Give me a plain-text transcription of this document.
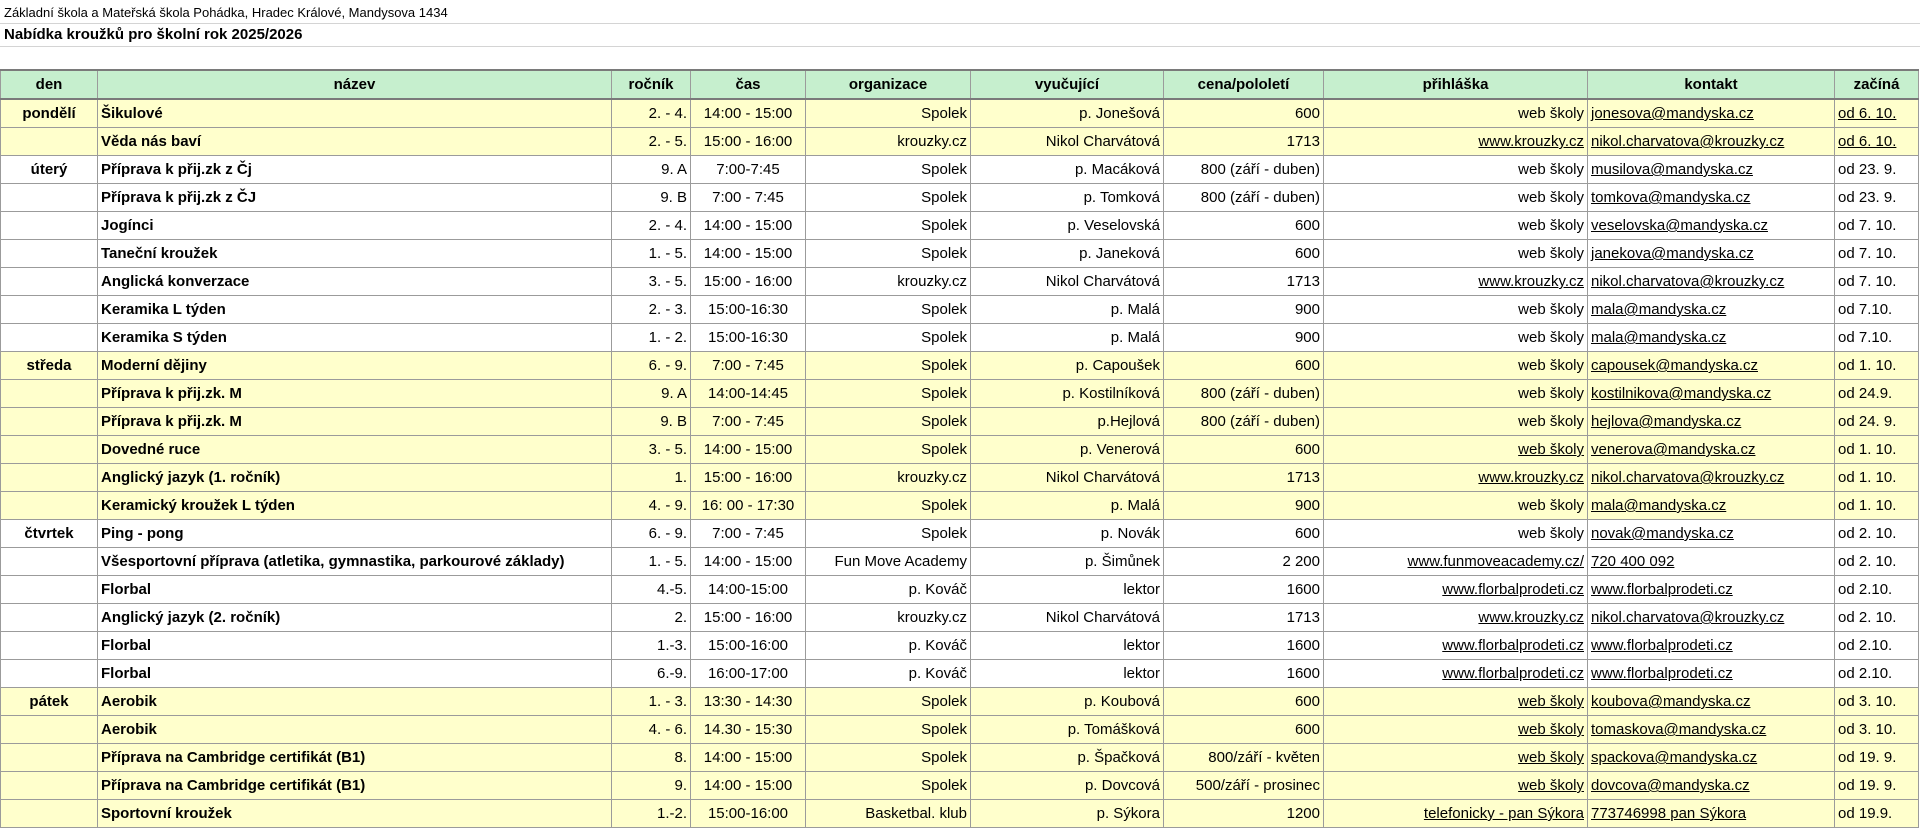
Základní škola a Mateřská škola Pohádka, Hradec Králové, Mandysova 1434
Nabídka kroužků pro školní rok 2025/2026
den	název	ročník	čas	organizace	vyučující	cena/pololetí	přihláška	kontakt	začíná
pondělí	Šikulové	2. - 4.	14:00 - 15:00	Spolek	p. Jonešová	600	web školy	jonesova@mandyska.cz	od 6. 10.
	Věda nás baví	2. - 5.	15:00 - 16:00	krouzky.cz	Nikol Charvátová	1713	www.krouzky.cz	nikol.charvatova@krouzky.cz	od 6. 10.
úterý	Příprava k přij.zk z Čj	9. A	7:00-7:45	Spolek	p. Macáková	800 (září - duben)	web školy	musilova@mandyska.cz	od 23. 9.
	Příprava k přij.zk z ČJ	9. B	7:00 - 7:45	Spolek	p. Tomková	800 (září - duben)	web školy	tomkova@mandyska.cz	od 23. 9.
	Jogínci	2. - 4.	14:00 - 15:00	Spolek	p. Veselovská	600	web školy	veselovska@mandyska.cz	od 7. 10.
	Taneční kroužek	1. - 5.	14:00 - 15:00	Spolek	p. Janeková	600	web školy	janekova@mandyska.cz	od 7. 10.
	Anglická konverzace	3. - 5.	15:00 - 16:00	krouzky.cz	Nikol Charvátová	1713	www.krouzky.cz	nikol.charvatova@krouzky.cz	od 7. 10.
	Keramika L týden	2. - 3.	15:00-16:30	Spolek	p. Malá	900	web školy	mala@mandyska.cz	od 7.10.
	Keramika S týden	1. - 2.	15:00-16:30	Spolek	p. Malá	900	web školy	mala@mandyska.cz	od 7.10.
středa	Moderní dějiny	6. - 9.	7:00 - 7:45	Spolek	p. Capoušek	600	web školy	capousek@mandyska.cz	od 1. 10.
	Příprava k přij.zk. M	9. A	14:00-14:45	Spolek	p. Kostilníková	800 (září - duben)	web školy	kostilnikova@mandyska.cz	od 24.9.
	Příprava k přij.zk. M	9. B	7:00 - 7:45	Spolek	p.Hejlová	800 (září - duben)	web školy	hejlova@mandyska.cz	od 24. 9.
	Dovedné ruce	3. - 5.	14:00 - 15:00	Spolek	p. Venerová	600	web školy	venerova@mandyska.cz	od 1. 10.
	Anglický jazyk (1. ročník)	1.	15:00 - 16:00	krouzky.cz	Nikol Charvátová	1713	www.krouzky.cz	nikol.charvatova@krouzky.cz	od 1. 10.
	Keramický kroužek L týden	4. - 9.	16: 00 - 17:30	Spolek	p. Malá	900	web školy	mala@mandyska.cz	od 1. 10.
čtvrtek	Ping - pong	6. - 9.	7:00 - 7:45	Spolek	p. Novák	600	web školy	novak@mandyska.cz	od 2. 10.
	Všesportovní příprava (atletika, gymnastika, parkourové základy)	1. - 5.	14:00 - 15:00	Fun Move Academy	p. Šimůnek	2 200	www.funmoveacademy.cz/	720 400 092	od 2. 10.
	Florbal	4.-5.	14:00-15:00	p. Kováč	lektor	1600	www.florbalprodeti.cz	www.florbalprodeti.cz	od 2.10.
	Anglický jazyk (2. ročník)	2.	15:00 - 16:00	krouzky.cz	Nikol Charvátová	1713	www.krouzky.cz	nikol.charvatova@krouzky.cz	od 2. 10.
	Florbal	1.-3.	15:00-16:00	p. Kováč	lektor	1600	www.florbalprodeti.cz	www.florbalprodeti.cz	od 2.10.
	Florbal	6.-9.	16:00-17:00	p. Kováč	lektor	1600	www.florbalprodeti.cz	www.florbalprodeti.cz	od 2.10.
pátek	Aerobik	1. - 3.	13:30 - 14:30	Spolek	p. Koubová	600	web školy	koubova@mandyska.cz	od 3. 10.
	Aerobik	4. - 6.	14.30 - 15:30	Spolek	p. Tomášková	600	web školy	tomaskova@mandyska.cz	od 3. 10.
	Příprava na Cambridge certifikát (B1)	8.	14:00 - 15:00	Spolek	p. Špačková	800/září - květen	web školy	spackova@mandyska.cz	od 19. 9.
	Příprava na Cambridge certifikát (B1)	9.	14:00 - 15:00	Spolek	p. Dovcová	500/září - prosinec	web školy	dovcova@mandyska.cz	od 19. 9.
	Sportovní kroužek	1.-2.	15:00-16:00	Basketbal. klub	p. Sýkora	1200	telefonicky - pan Sýkora	773746998 pan Sýkora	od 19.9.
